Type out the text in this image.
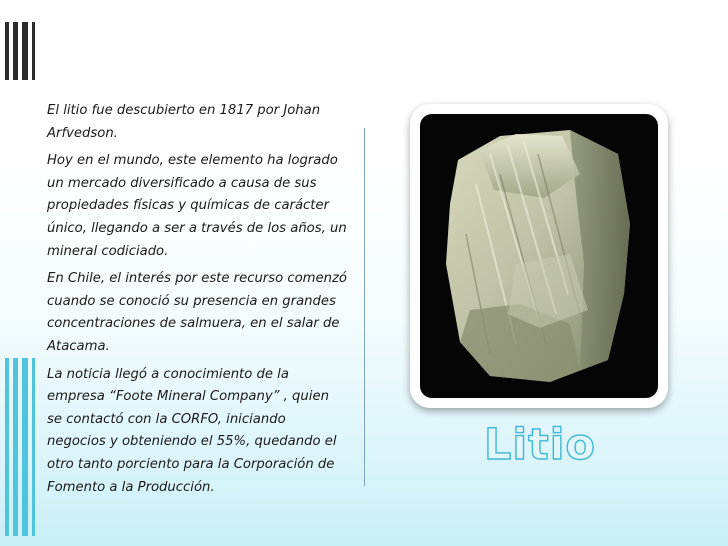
El litio fue descubierto en 1817 por Johan Arfvedson.

Hoy en el mundo, este elemento ha logrado un mercado diversificado a causa de sus propiedades físicas y químicas de carácter único, llegando a ser a través de los años, un mineral codiciado.

En Chile, el interés por este recurso comenzó cuando se conoció su presencia en grandes concentraciones de salmuera, en el salar de Atacama.

La noticia llegó a conocimiento de la empresa “Foote Mineral Company” , quien se contactó con la CORFO, iniciando negocios y obteniendo el 55%, quedando el otro tanto porciento para la Corporación de Fomento a la Producción.

Litio
